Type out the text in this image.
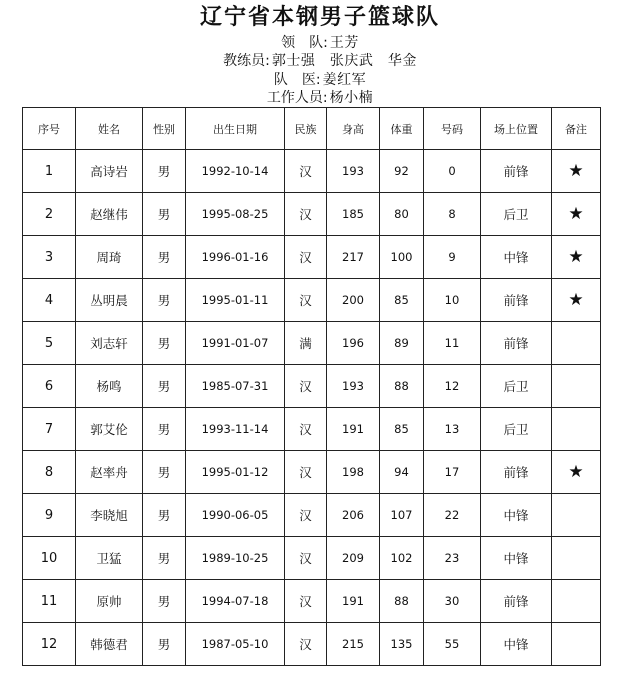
辽宁省本钢男子篮球队
领　队: 王芳
教练员: 郭士强　张庆武　华金
队　医: 姜红军
工作人员: 杨小楠
序号	姓名	性别	出生日期	民族	身高	体重	号码	场上位置	备注
1	高诗岩	男	1992-10-14	汉	193	92	0	前锋	★
2	赵继伟	男	1995-08-25	汉	185	80	8	后卫	★
3	周琦	男	1996-01-16	汉	217	100	9	中锋	★
4	丛明晨	男	1995-01-11	汉	200	85	10	前锋	★
5	刘志轩	男	1991-01-07	满	196	89	11	前锋	
6	杨鸣	男	1985-07-31	汉	193	88	12	后卫	
7	郭艾伦	男	1993-11-14	汉	191	85	13	后卫	
8	赵率舟	男	1995-01-12	汉	198	94	17	前锋	★
9	李晓旭	男	1990-06-05	汉	206	107	22	中锋	
10	卫猛	男	1989-10-25	汉	209	102	23	中锋	
11	原帅	男	1994-07-18	汉	191	88	30	前锋	
12	韩德君	男	1987-05-10	汉	215	135	55	中锋	
